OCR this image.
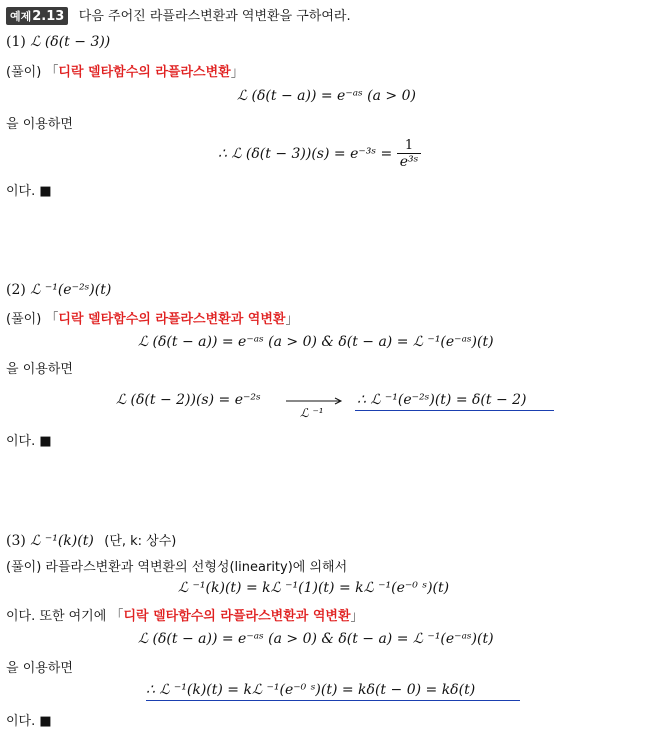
예제2.13 다음 주어진 라플라스변환과 역변환을 구하여라.
(1) ℒ (δ(t − 3))
(풀이) 「디락 델타함수의 라플라스변환」
ℒ (δ(t − a)) = e⁻ᵃˢ (a > 0)
을 이용하면
∴ ℒ (δ(t − 3))(s) = e⁻³ˢ = $\frac{1}{\text{e³ˢ}}$
이다. ■
(2) ℒ ⁻¹(e⁻²ˢ)(t)
(풀이) 「디락 델타함수의 라플라스변환과 역변환」
ℒ (δ(t − a)) = e⁻ᵃˢ (a > 0) & δ(t − a) = ℒ ⁻¹(e⁻ᵃˢ)(t)
을 이용하면
ℒ (δ(t − 2))(s) = e⁻²ˢ
ℒ ⁻¹
∴ ℒ ⁻¹(e⁻²ˢ)(t) = δ(t − 2)
이다. ■
(3) ℒ ⁻¹(k)(t) (단, k: 상수)
(풀이) 라플라스변환과 역변환의 선형성(linearity)에 의해서
ℒ ⁻¹(k)(t) = kℒ ⁻¹(1)(t) = kℒ ⁻¹(e⁻⁰ ˢ)(t)
이다. 또한 여기에 「디락 델타함수의 라플라스변환과 역변환」
ℒ (δ(t − a)) = e⁻ᵃˢ (a > 0) & δ(t − a) = ℒ ⁻¹(e⁻ᵃˢ)(t)
을 이용하면
∴ ℒ ⁻¹(k)(t) = kℒ ⁻¹(e⁻⁰ ˢ)(t) = kδ(t − 0) = kδ(t)
이다. ■
